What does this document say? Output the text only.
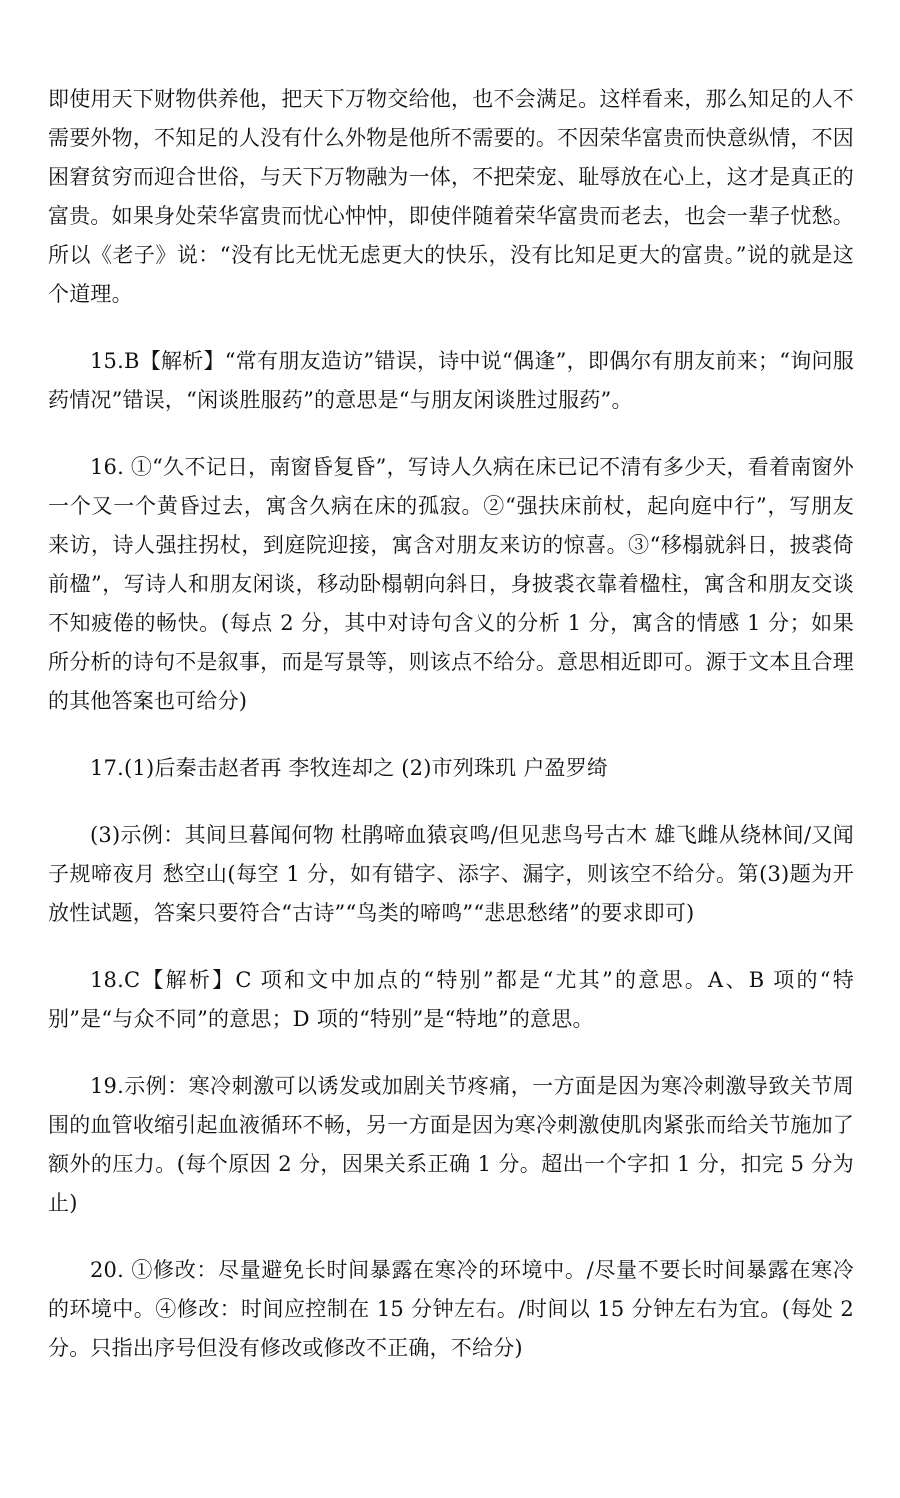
即使用天下财物供养他，把天下万物交给他，也不会满足。这样看来，那么知足的人不需要外物，不知足的人没有什么外物是他所不需要的。不因荣华富贵而快意纵情，不因困窘贫穷而迎合世俗，与天下万物融为一体，不把荣宠、耻辱放在心上，这才是真正的富贵。如果身处荣华富贵而忧心忡忡，即使伴随着荣华富贵而老去，也会一辈子忧愁。所以《老子》说：“没有比无忧无虑更大的快乐，没有比知足更大的富贵。”说的就是这个道理。

15.B【解析】“常有朋友造访”错误，诗中说“偶逢”，即偶尔有朋友前来；“询问服药情况”错误，“闲谈胜服药”的意思是“与朋友闲谈胜过服药”。

16. ①“久不记日，南窗昏复昏”，写诗人久病在床已记不清有多少天，看着南窗外一个又一个黄昏过去，寓含久病在床的孤寂。②“强扶床前杖，起向庭中行”，写朋友来访，诗人强拄拐杖，到庭院迎接，寓含对朋友来访的惊喜。③“移榻就斜日，披裘倚前楹”，写诗人和朋友闲谈，移动卧榻朝向斜日，身披裘衣靠着楹柱，寓含和朋友交谈不知疲倦的畅快。(每点 2 分，其中对诗句含义的分析 1 分，寓含的情感 1 分；如果所分析的诗句不是叙事，而是写景等，则该点不给分。意思相近即可。源于文本且合理的其他答案也可给分)

17.(1)后秦击赵者再 李牧连却之 (2)市列珠玑 户盈罗绮

(3)示例：其间旦暮闻何物 杜鹃啼血猿哀鸣/但见悲鸟号古木 雄飞雌从绕林间/又闻子规啼夜月 愁空山(每空 1 分，如有错字、添字、漏字，则该空不给分。第(3)题为开放性试题，答案只要符合“古诗”“鸟类的啼鸣”“悲思愁绪”的要求即可)

18.C【解析】C 项和文中加点的“特别”都是“尤其”的意思。A、B 项的“特别”是“与众不同”的意思；D 项的“特别”是“特地”的意思。

19.示例：寒冷刺激可以诱发或加剧关节疼痛，一方面是因为寒冷刺激导致关节周围的血管收缩引起血液循环不畅，另一方面是因为寒冷刺激使肌肉紧张而给关节施加了额外的压力。(每个原因 2 分，因果关系正确 1 分。超出一个字扣 1 分，扣完 5 分为止)

20. ①修改：尽量避免长时间暴露在寒冷的环境中。/尽量不要长时间暴露在寒冷的环境中。④修改：时间应控制在 15 分钟左右。/时间以 15 分钟左右为宜。(每处 2 分。只指出序号但没有修改或修改不正确，不给分)
